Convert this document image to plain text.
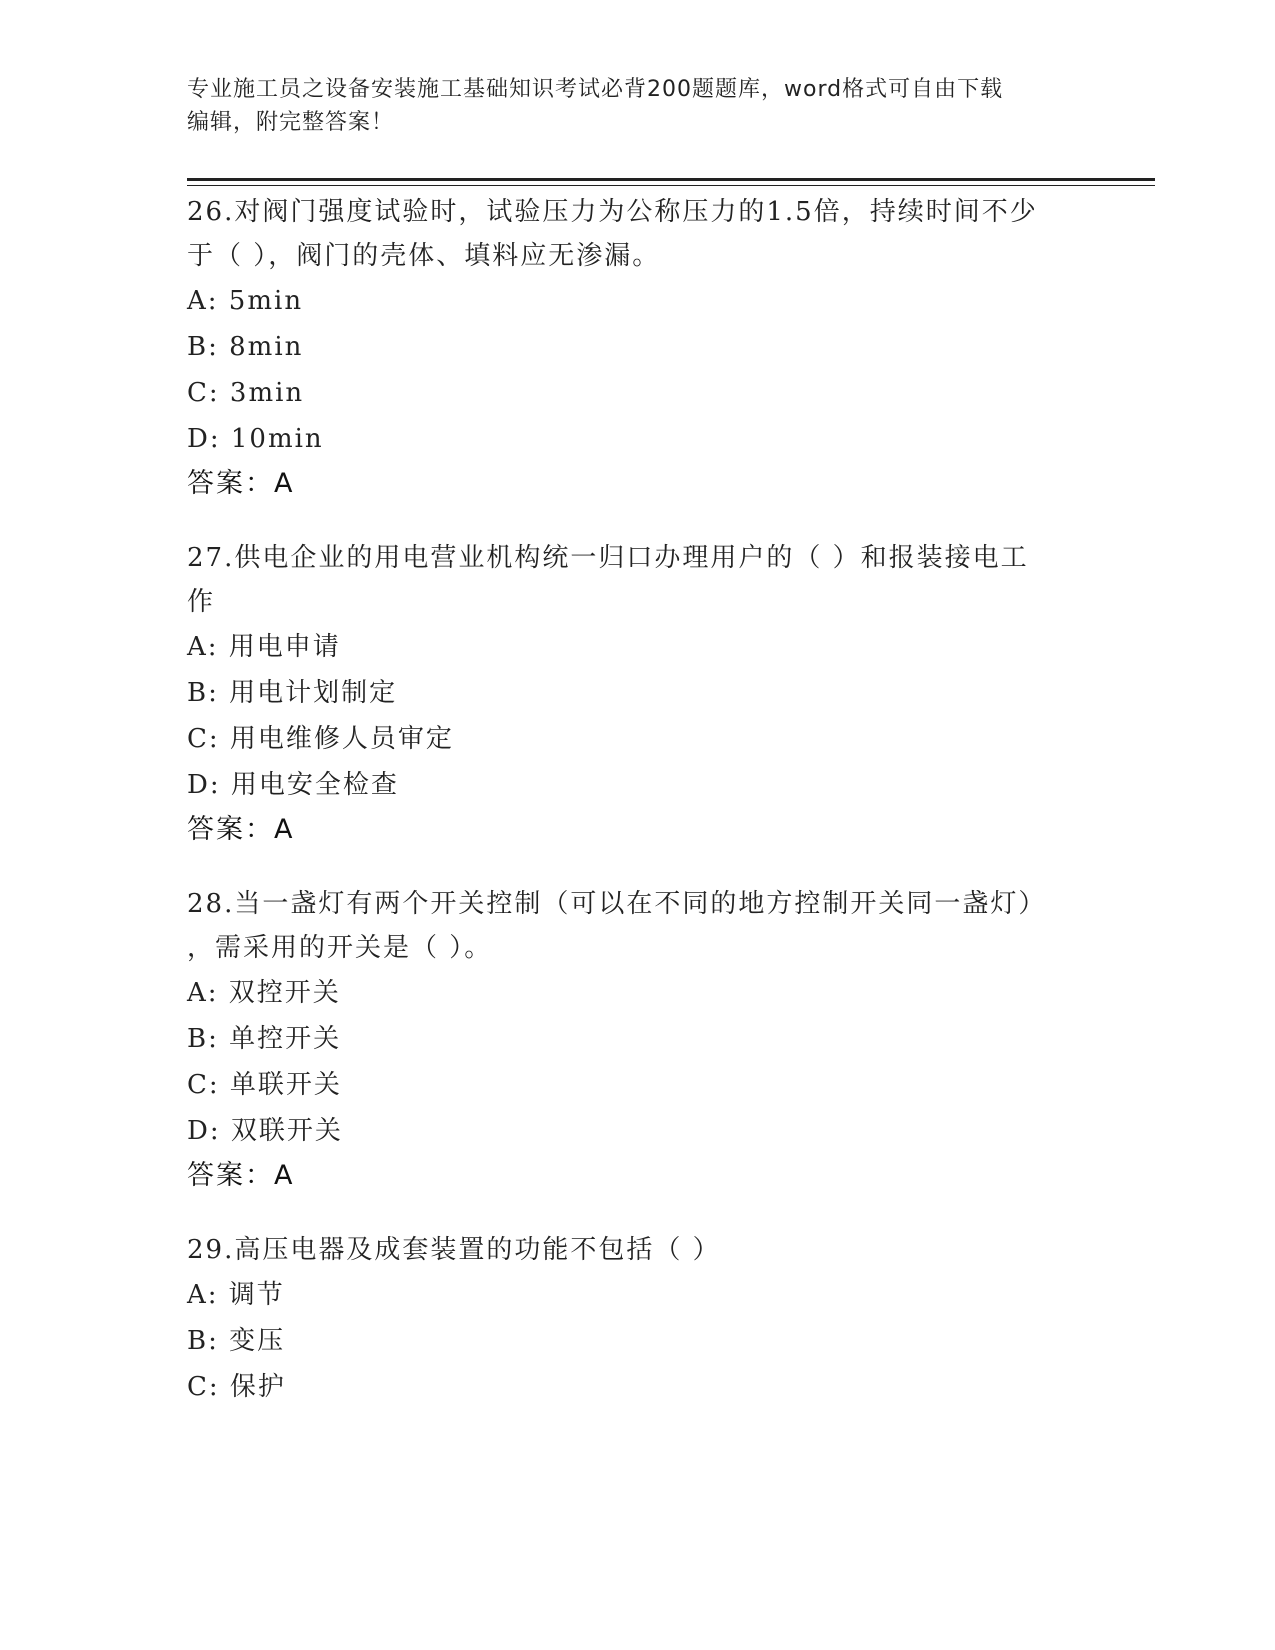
专业施工员之设备安装施工基础知识考试必背200题题库，word格式可自由下载
编辑，附完整答案！
26.对阀门强度试验时，试验压力为公称压力的1.5倍，持续时间不少
于（ ），阀门的壳体、填料应无渗漏。
A: 5min
B: 8min
C: 3min
D: 10min
答案：A
27.供电企业的用电营业机构统一归口办理用户的（ ）和报装接电工
作
A: 用电申请
B: 用电计划制定
C: 用电维修人员审定
D: 用电安全检查
答案：A
28.当一盏灯有两个开关控制（可以在不同的地方控制开关同一盏灯）
，需采用的开关是（ ）。
A: 双控开关
B: 单控开关
C: 单联开关
D: 双联开关
答案：A
29.高压电器及成套装置的功能不包括（ ）
A: 调节
B: 变压
C: 保护
